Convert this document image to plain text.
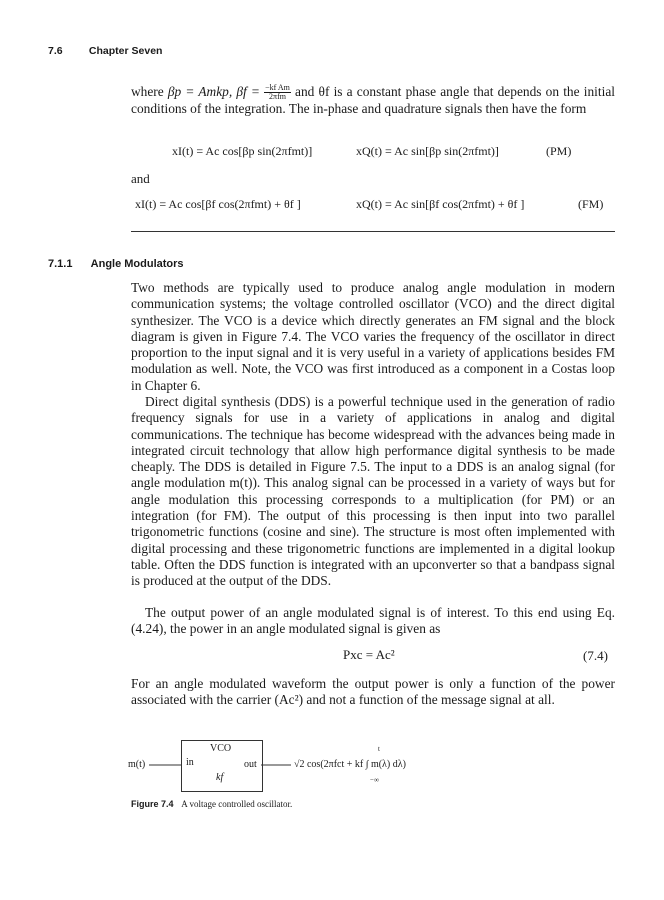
7.6	Chapter Seven
where βp = Amkp, $\beta f = \frac{\text{−kf Am}}{\text{2πfm}}$ and θf is a constant phase angle that depends on the initial conditions of the integration. The in-phase and quadrature signals then have the form
xI(t) = Ac cos[βp sin(2πfmt)]	xQ(t) = Ac sin[βp sin(2πfmt)]	(PM)
and
xI(t) = Ac cos[βf cos(2πfmt) + θf ]	xQ(t) = Ac sin[βf cos(2πfmt) + θf ]	(FM)
7.1.1 Angle Modulators

Two methods are typically used to produce analog angle modulation in modern communication systems; the voltage controlled oscillator (VCO) and the direct digital synthesizer. The VCO is a device which directly generates an FM signal and the block diagram is given in Figure 7.4. The VCO varies the frequency of the oscillator in direct proportion to the input signal and it is very useful in a variety of applications besides FM modulation as well. Note, the VCO was first introduced as a component in a Costas loop in Chapter 6.

Direct digital synthesis (DDS) is a powerful technique used in the generation of radio frequency signals for use in a variety of applications in analog and digital communications. The technique has become widespread with the advances being made in integrated circuit technology that allow high performance digital synthesis to be made cheaply. The DDS is detailed in Figure 7.5. The input to a DDS is an analog signal (for angle modulation m(t)). This analog signal can be processed in a variety of ways but for angle modulation this processing corresponds to a multiplication (for PM) or an integration (for FM). The output of this processing is then input into two parallel trigonometric functions (cosine and sine). The structure is most often implemented with digital processing and these trigonometric functions are implemented in a digital lookup table. Often the DDS function is integrated with an upconverter so that a bandpass signal is produced at the output of the DDS.

The output power of an angle modulated signal is of interest. To this end using Eq. (4.24), the power in an angle modulated signal is given as

Pxc = Ac²	(7.4)

For an angle modulated waveform the output power is only a function of the power associated with the carrier (Ac²) and not a function of the message signal at all.

m(t)
VCO
in	out
kf
t
√2 cos(2πfct + kf ∫ m(λ) dλ)
−∞
Figure 7.4 A voltage controlled oscillator.
